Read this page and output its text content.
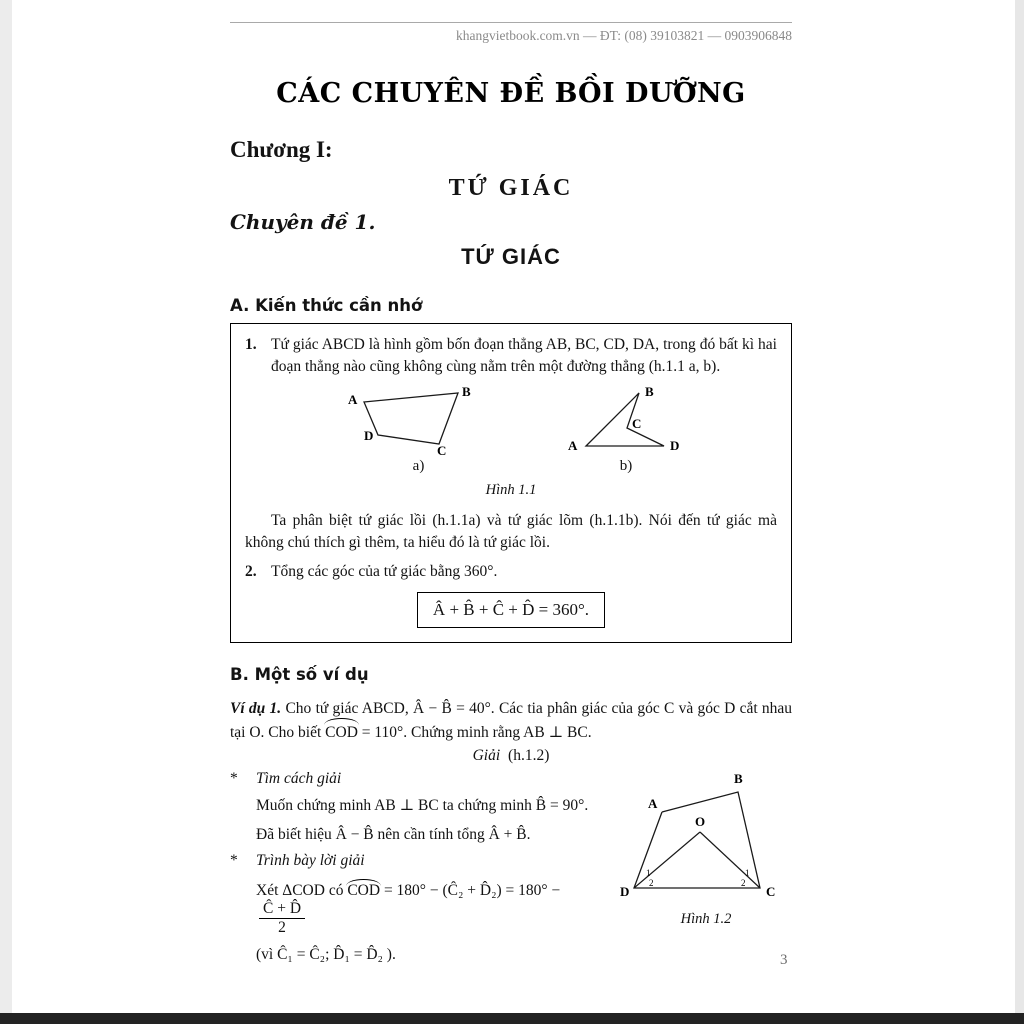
khangvietbook.com.vn — ĐT: (08) 39103821 — 0903906848
CÁC CHUYÊN ĐỀ BỒI DƯỠNG
Chương I:
TỨ GIÁC
Chuyên đề 1.
TỨ GIÁC
A. Kiến thức cần nhớ
1. Tứ giác ABCD là hình gồm bốn đoạn thẳng AB, BC, CD, DA, trong đó bất kì hai đoạn thẳng nào cũng không cùng nằm trên một đường thẳng (h.1.1 a, b).
A
B
C
D
a)
A
B
C
D
b)
Hình 1.1

Ta phân biệt tứ giác lồi (h.1.1a) và tứ giác lõm (h.1.1b). Nói đến tứ giác mà không chú thích gì thêm, ta hiểu đó là tứ giác lồi.

2. Tổng các góc của tứ giác bằng 360°.
Â + B̂ + Ĉ + D̂ = 360°.
B. Một số ví dụ

Ví dụ 1. Cho tứ giác ABCD, Â − B̂ = 40°. Các tia phân giác của góc C và góc D cắt nhau tại O. Cho biết COD = 110°. Chứng minh rằng AB ⊥ BC.

Giải (h.1.2)
A
B
C
D
O
1
2
1
2
Hình 1.2
*	Tìm cách giải

Muốn chứng minh AB ⊥ BC ta chứng minh B̂ = 90°.

Đã biết hiệu Â − B̂ nên cần tính tổng Â + B̂.

*	Trình bày lời giải
Xét ΔCOD có COD = 180° − (Ĉ₂ + D̂₂) = 180° −
$\frac{Ĉ + D̂}{2}$

(vì Ĉ₁ = Ĉ₂; D̂₁ = D̂₂ ).	3
